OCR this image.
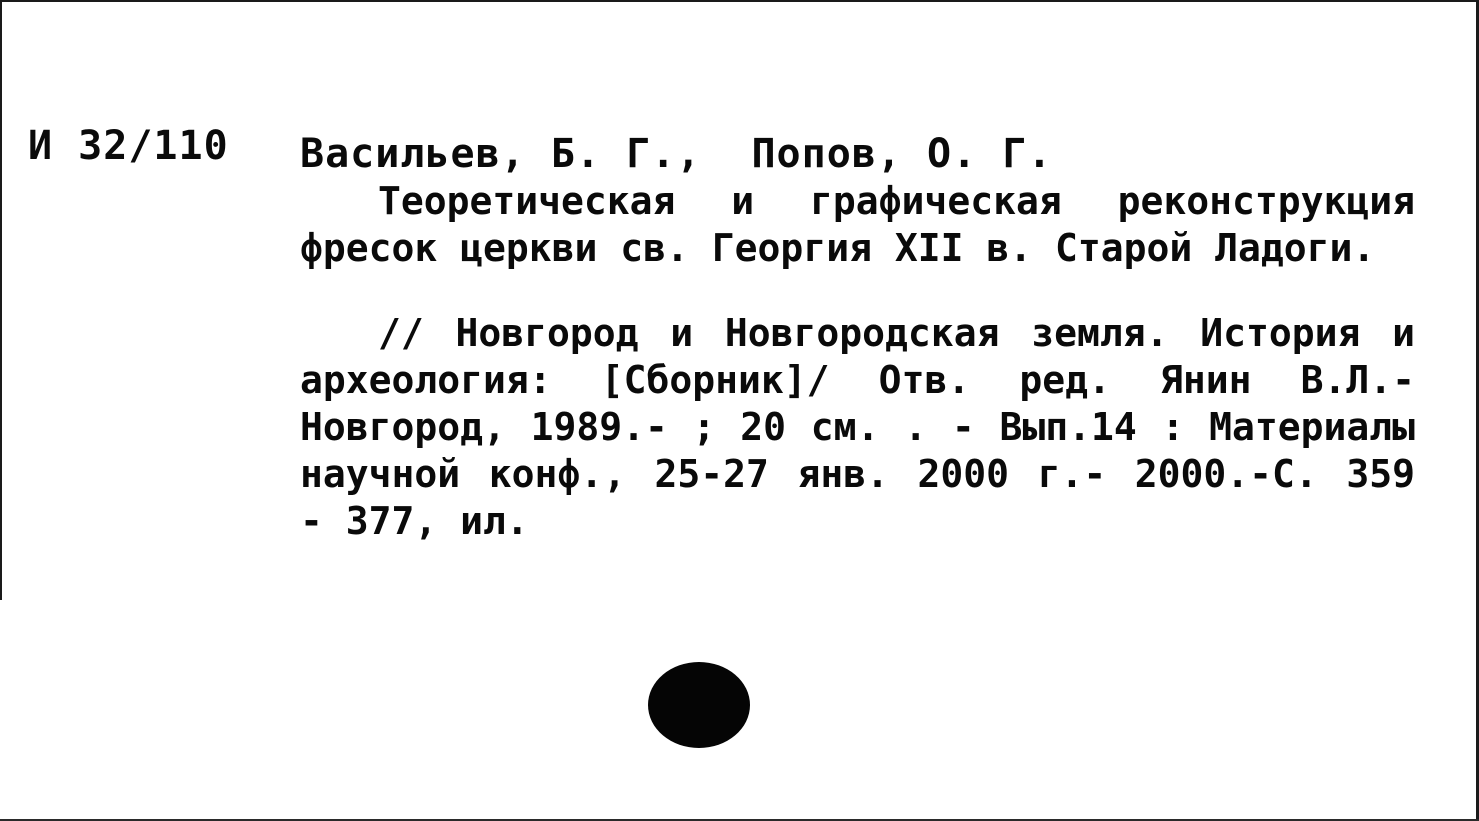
И 32/110 Васильев, Б. Г.,  Попов, О. Г.
Теоретическая и графическая реконструкция фресок церкви св. Георгия XII в. Старой Ладоги.
// Новгород и Новгородская земля. История и археология: [Сборник]/ Отв. ред. Янин В.Л.- Новгород, 1989.- ; 20 см. . - Вып.14 : Материалы научной конф., 25-27 янв. 2000 г.- 2000.-С. 359 - 377, ил.
